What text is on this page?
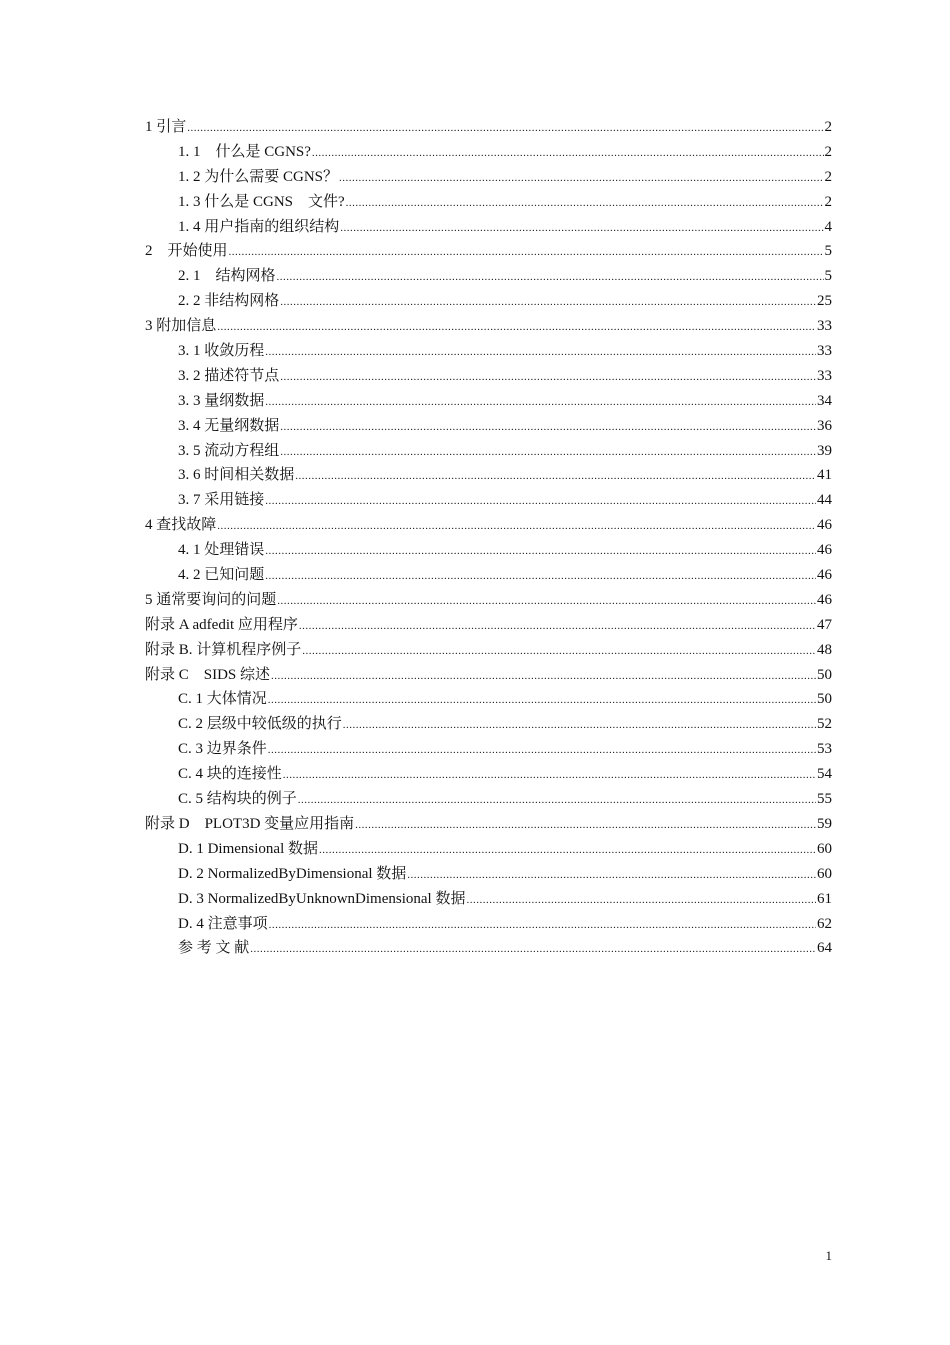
1 引言 .....	2
1. 1　什么是 CGNS? .....	2
1. 2 为什么需要 CGNS？ .....	2
1. 3 什么是 CGNS　文件? .....	2
1. 4 用户指南的组织结构 .....	4
2　开始使用 .....	5
2. 1　结构网格 .....	5
2. 2 非结构网格 .....	25
3 附加信息 .....	33
3. 1 收敛历程 .....	33
3. 2 描述符节点 .....	33
3. 3 量纲数据 .....	34
3. 4 无量纲数据 .....	36
3. 5 流动方程组 .....	39
3. 6 时间相关数据 .....	41
3. 7 采用链接 .....	44
4 查找故障 .....	46
4. 1 处理错误 .....	46
4. 2 已知问题 .....	46
5 通常要询问的问题 .....	46
附录 A adfedit 应用程序 .....	47
附录 B. 计算机程序例子 .....	48
附录 C　SIDS 综述 .....	50
C. 1 大体情况 .....	50
C. 2 层级中较低级的执行 .....	52
C. 3 边界条件 .....	53
C. 4 块的连接性 .....	54
C. 5 结构块的例子 .....	55
附录 D　PLOT3D 变量应用指南 .....	59
D. 1 Dimensional 数据 .....	60
D. 2 NormalizedByDimensional 数据 .....	60
D. 3 NormalizedByUnknownDimensional 数据 .....	61
D. 4 注意事项 .....	62
参 考 文 献 .....	64
1
